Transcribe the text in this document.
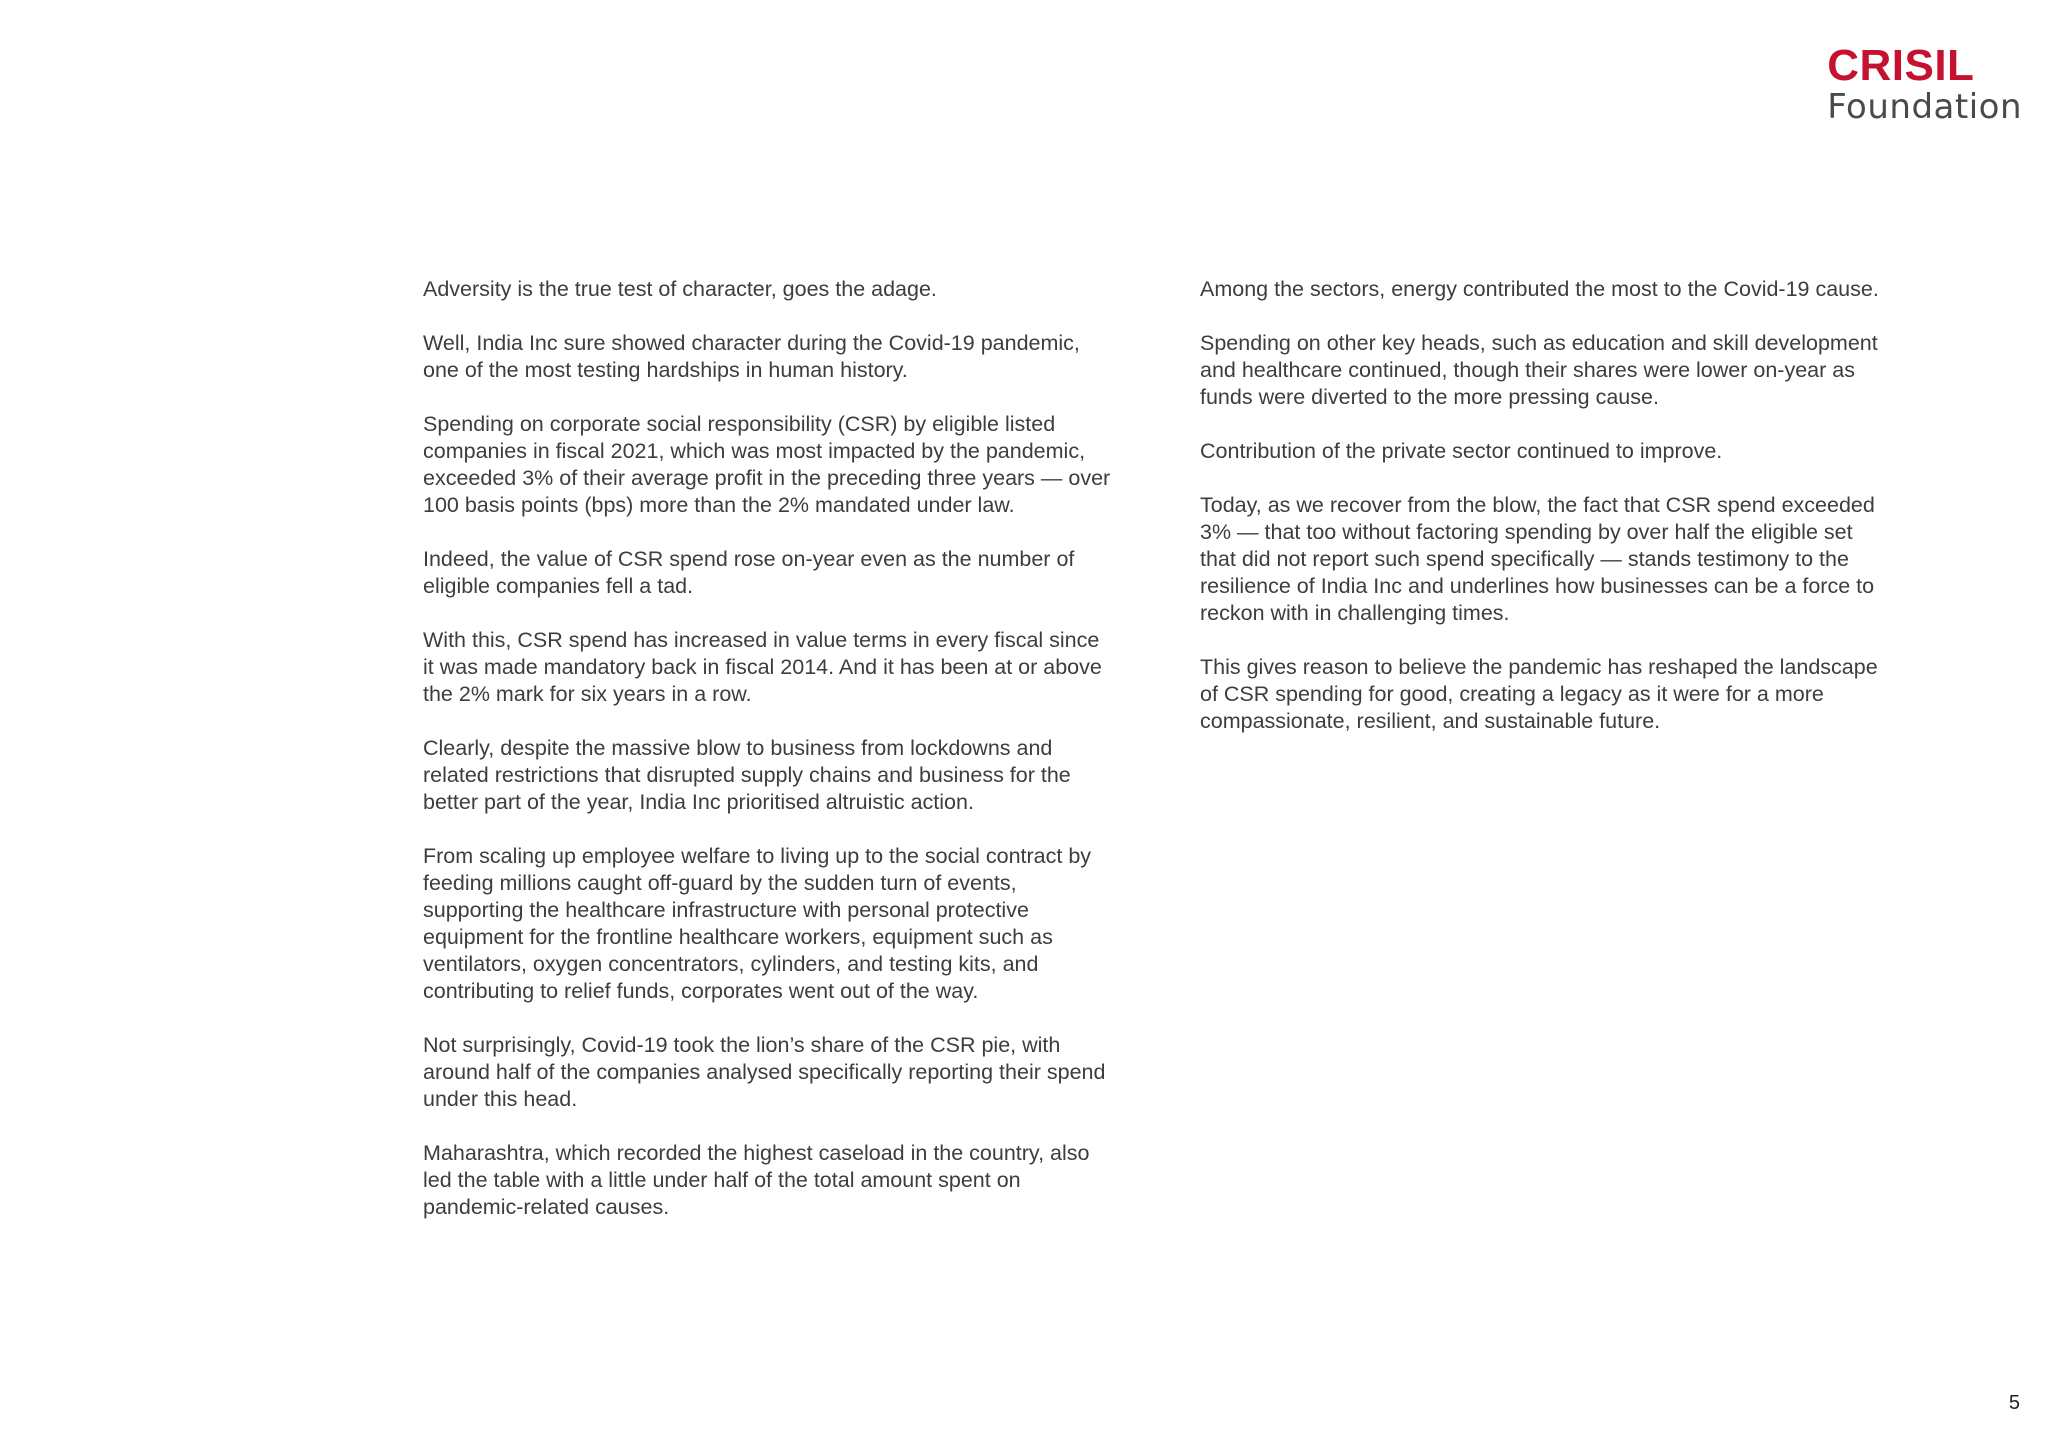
CRISIL
Foundation

Adversity is the true test of character, goes the adage.

Well, India Inc sure showed character during the Covid-19 pandemic, one of the most testing hardships in human history.

Spending on corporate social responsibility (CSR) by eligible listed companies in fiscal 2021, which was most impacted by the pandemic, exceeded 3% of their average profit in the preceding three years — over 100 basis points (bps) more than the 2% mandated under law.

Indeed, the value of CSR spend rose on-year even as the number of eligible companies fell a tad.

With this, CSR spend has increased in value terms in every fiscal since it was made mandatory back in fiscal 2014. And it has been at or above the 2% mark for six years in a row.

Clearly, despite the massive blow to business from lockdowns and related restrictions that disrupted supply chains and business for the better part of the year, India Inc prioritised altruistic action.

From scaling up employee welfare to living up to the social contract by feeding millions caught off-guard by the sudden turn of events, supporting the healthcare infrastructure with personal protective equipment for the frontline healthcare workers, equipment such as ventilators, oxygen concentrators, cylinders, and testing kits, and contributing to relief funds, corporates went out of the way.

Not surprisingly, Covid-19 took the lion’s share of the CSR pie, with around half of the companies analysed specifically reporting their spend under this head.

Maharashtra, which recorded the highest caseload in the country, also led the table with a little under half of the total amount spent on pandemic-related causes.

Among the sectors, energy contributed the most to the Covid-19 cause.

Spending on other key heads, such as education and skill development and healthcare continued, though their shares were lower on-year as funds were diverted to the more pressing cause.

Contribution of the private sector continued to improve.

Today, as we recover from the blow, the fact that CSR spend exceeded 3% — that too without factoring spending by over half the eligible set that did not report such spend specifically — stands testimony to the resilience of India Inc and underlines how businesses can be a force to reckon with in challenging times.

This gives reason to believe the pandemic has reshaped the landscape of CSR spending for good, creating a legacy as it were for a more compassionate, resilient, and sustainable future.

5
